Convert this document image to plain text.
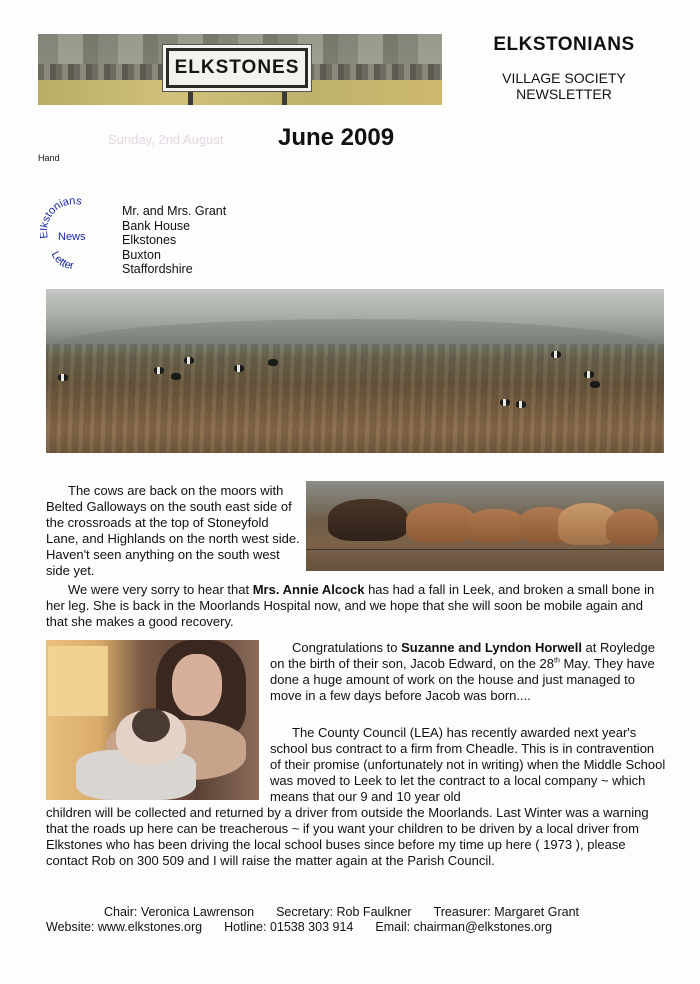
ELKSTONES
ELKSTONIANS
VILLAGE SOCIETY
NEWSLETTER
Sunday, 2nd August June 2009
Hand
stonians
News
Letter
Mr. and Mrs. Grant
Bank House
Elkstones
Buxton
Staffordshire
The cows are back on the moors with Belted Galloways on the south east side of the crossroads at the top of Stoneyfold Lane, and Highlands on the north west side. Haven't seen anything on the south west side yet.
We were very sorry to hear that Mrs. Annie Alcock has had a fall in Leek, and broken a small bone in her leg. She is back in the Moorlands Hospital now, and we hope that she will soon be mobile again and that she makes a good recovery.
Congratulations to Suzanne and Lyndon Horwell at Royledge on the birth of their son, Jacob Edward, on the 28th May. They have done a huge amount of work on the house and just managed to move in a few days before Jacob was born....
The County Council (LEA) has recently awarded next year's school bus contract to a firm from Cheadle. This is in contravention of their promise (unfortunately not in writing) when the Middle School was moved to Leek to let the contract to a local company ~ which means that our 9 and 10 year old
children will be collected and returned by a driver from outside the Moorlands. Last Winter was a warning that the roads up here can be treacherous ~ if you want your children to be driven by a local driver from Elkstones who has been driving the local school buses since before my time up here ( 1973 ), please contact Rob on 300 509 and I will raise the matter again at the Parish Council.
Chair: Veronica Lawrenson Secretary: Rob Faulkner Treasurer: Margaret Grant
Website: www.elkstones.org Hotline: 01538 303 914 Email: chairman@elkstones.org
